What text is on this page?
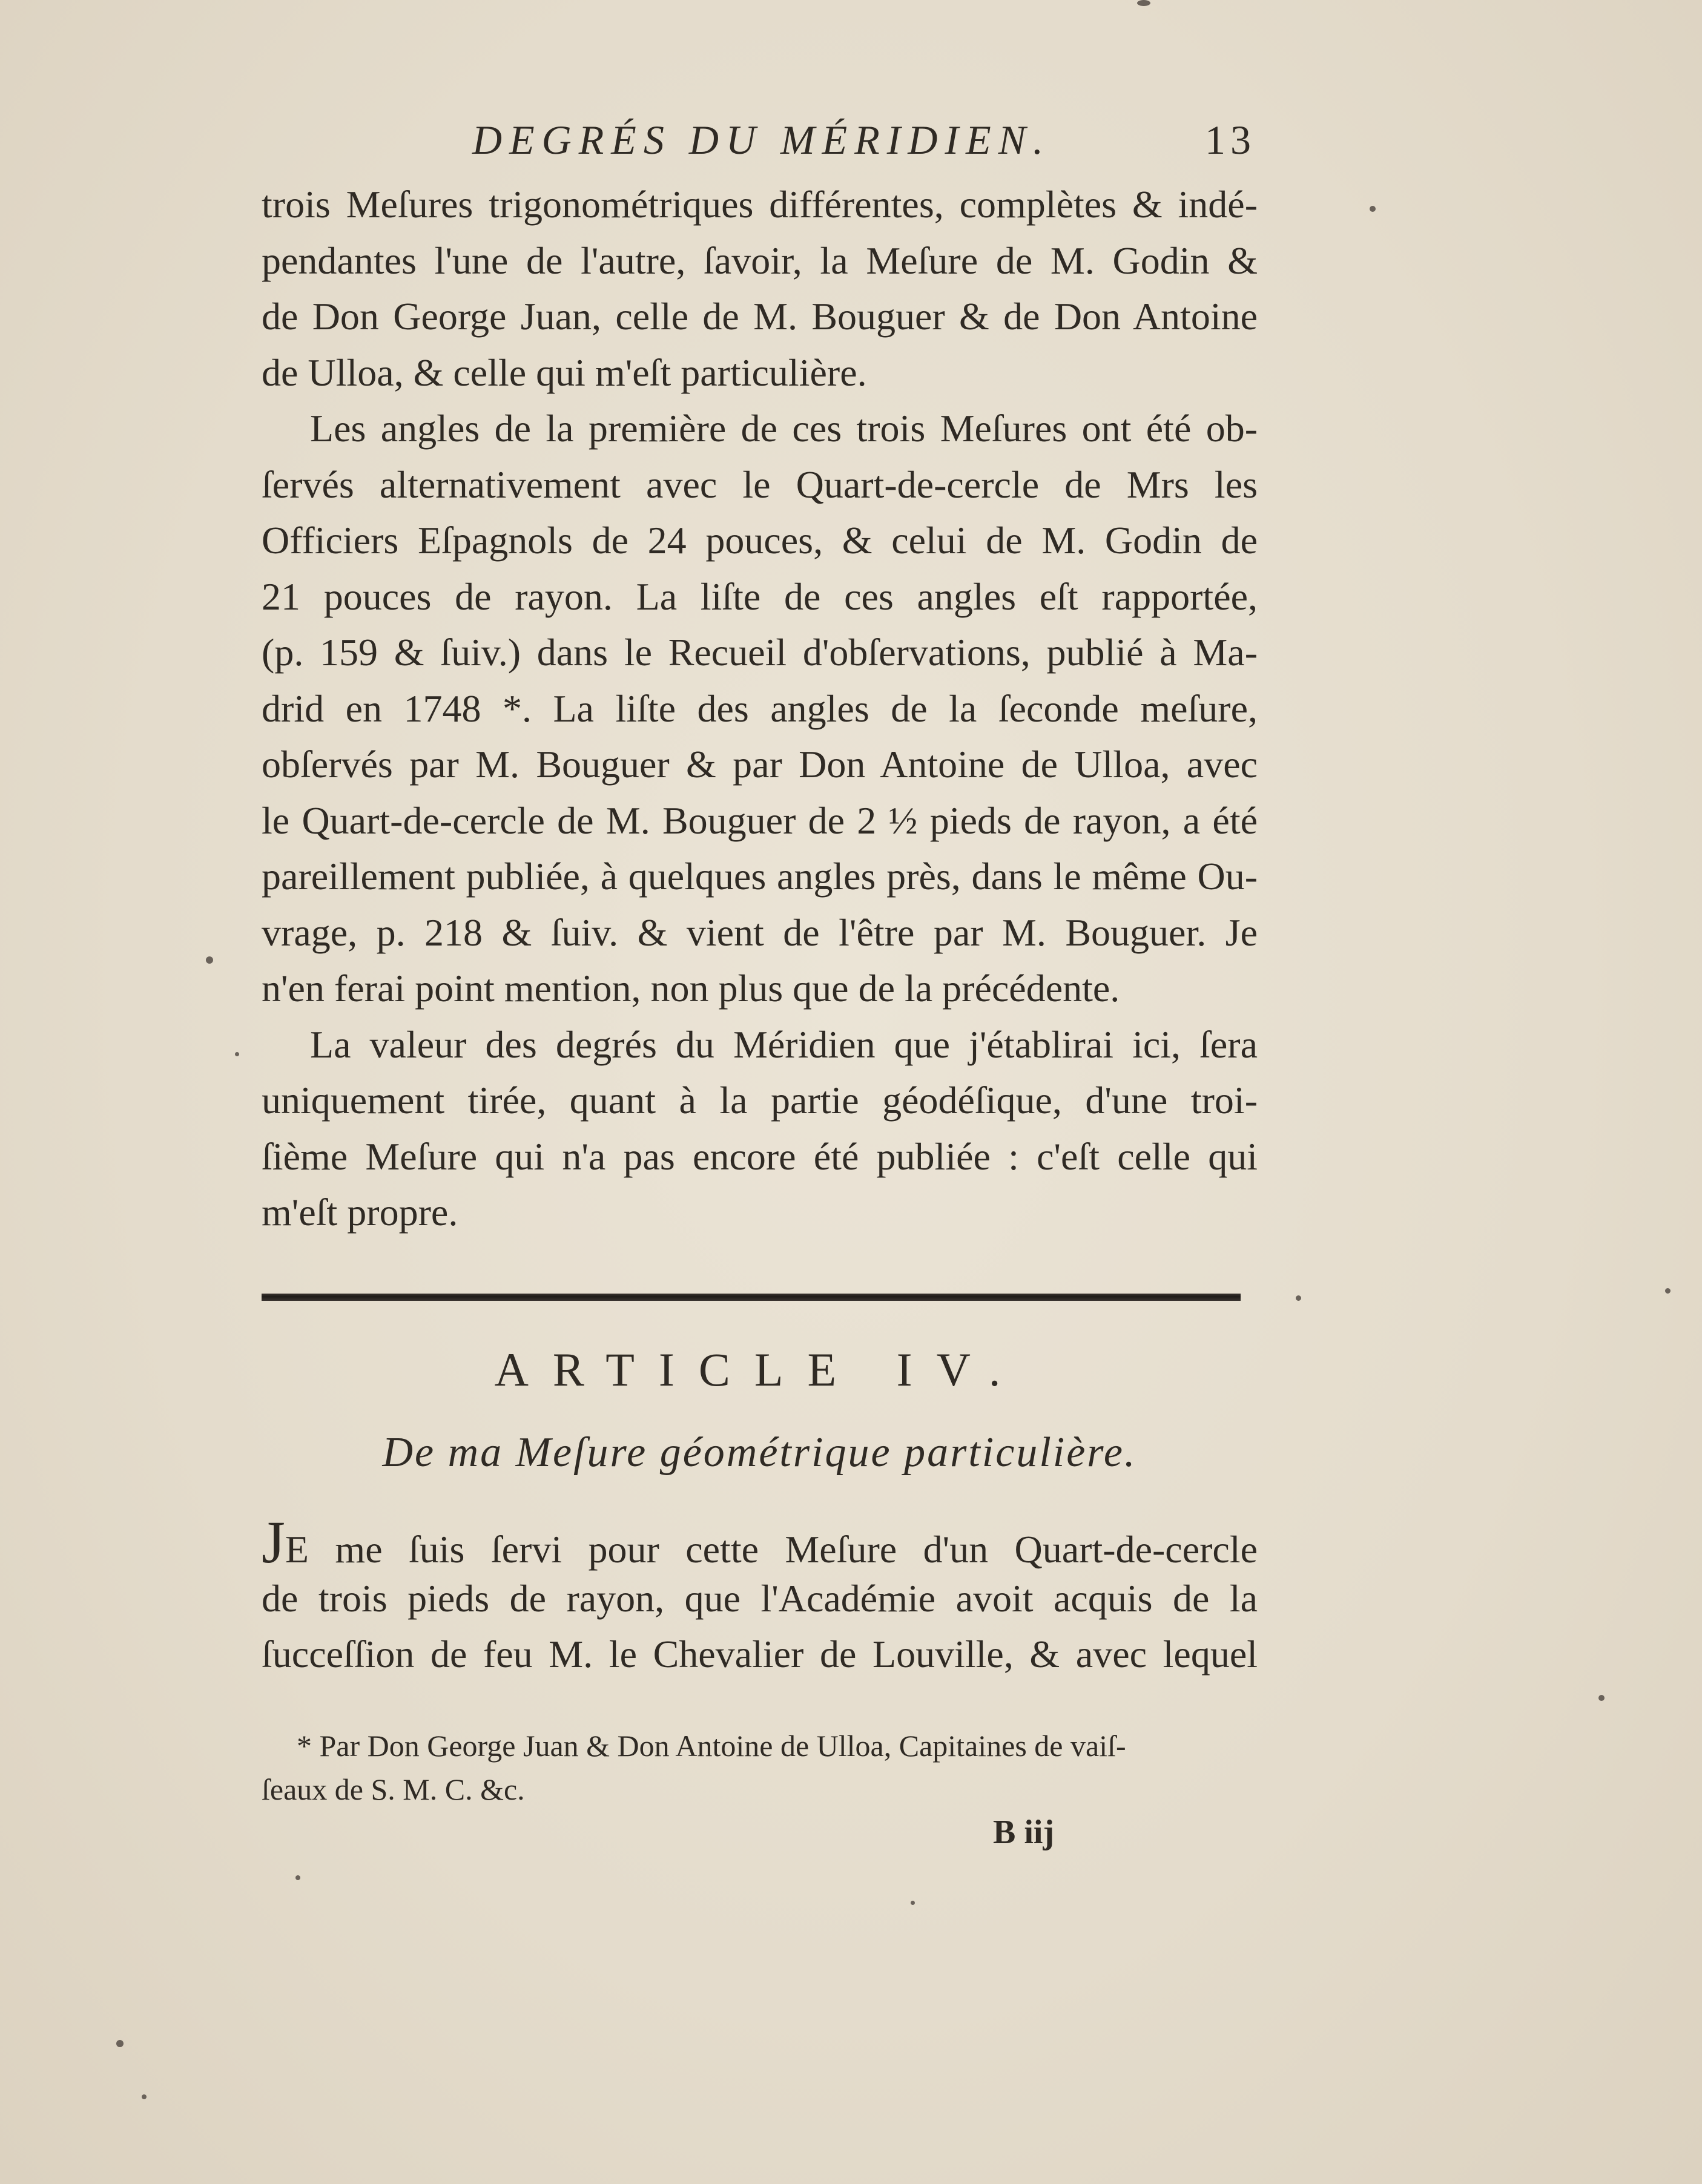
DEGRÉS DU MÉRIDIEN.	13
trois Meſures trigonométriques différentes, complètes & indé-
pendantes l'une de l'autre, ſavoir, la Meſure de M. Godin &
de Don George Juan, celle de M. Bouguer & de Don Antoine
de Ulloa, & celle qui m'eſt particulière.
Les angles de la première de ces trois Meſures ont été ob-
ſervés alternativement avec le Quart-de-cercle de Mrs les
Officiers Eſpagnols de 24 pouces, & celui de M. Godin de
21 pouces de rayon. La liſte de ces angles eſt rapportée,
(p. 159 & ſuiv.) dans le Recueil d'obſervations, publié à Ma-
drid en 1748 *. La liſte des angles de la ſeconde meſure,
obſervés par M. Bouguer & par Don Antoine de Ulloa, avec
le Quart-de-cercle de M. Bouguer de 2 ½ pieds de rayon, a été
pareillement publiée, à quelques angles près, dans le même Ou-
vrage, p. 218 & ſuiv. & vient de l'être par M. Bouguer. Je
n'en ferai point mention, non plus que de la précédente.
La valeur des degrés du Méridien que j'établirai ici, ſera
uniquement tirée, quant à la partie géodéſique, d'une troi-
ſième Meſure qui n'a pas encore été publiée : c'eſt celle qui
m'eſt propre.
ARTICLE IV.
De ma Meſure géométrique particulière.
JE me ſuis ſervi pour cette Meſure d'un Quart-de-cercle
de trois pieds de rayon, que l'Académie avoit acquis de la
ſucceſſion de feu M. le Chevalier de Louville, & avec lequel
* Par Don George Juan & Don Antoine de Ulloa, Capitaines de vaiſ-
ſeaux de S. M. C. &c.
B iij
